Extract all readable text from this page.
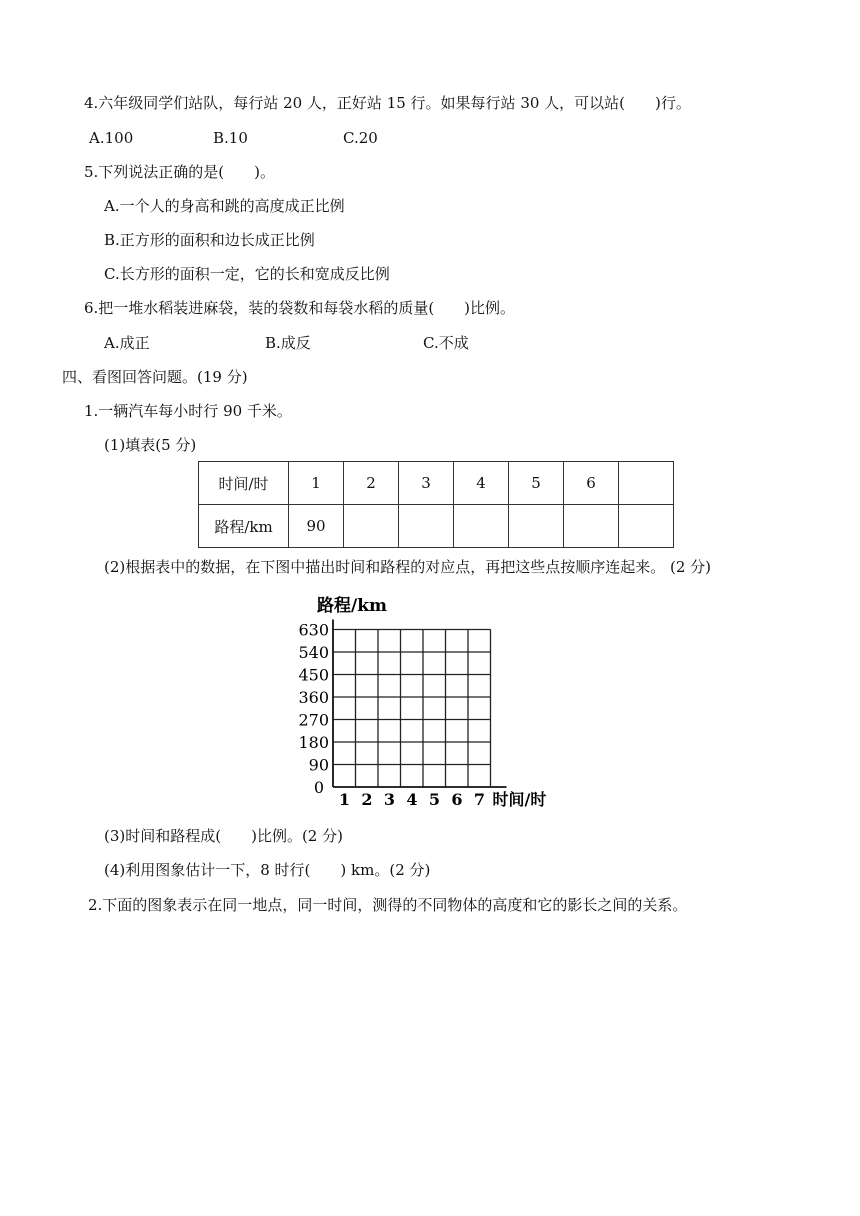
4.六年级同学们站队，每行站 20 人，正好站 15 行。如果每行站 30 人，可以站(　　)行。
A.100	B.10	C.20
5.下列说法正确的是(　　)。
A.一个人的身高和跳的高度成正比例
B.正方形的面积和边长成正比例
C.长方形的面积一定，它的长和宽成反比例
6.把一堆水稻装进麻袋，装的袋数和每袋水稻的质量(　　)比例。
A.成正	B.成反	C.不成
四、看图回答问题。(19 分)
1.一辆汽车每小时行 90 千米。
(1)填表(5 分)
时间/时	1	2	3	4	5	6	
路程/km	90						
(2)根据表中的数据，在下图中描出时间和路程的对应点，再把这些点按顺序连起来。 (2 分)
90
180
270
360
450
540
630
1 2 3 4 5 6 7
路程/km
时间/时
0
(3)时间和路程成(　　)比例。(2 分)
(4)利用图象估计一下，8 时行(　　) km。(2 分)
2.下面的图象表示在同一地点，同一时间，测得的不同物体的高度和它的影长之间的关系。
